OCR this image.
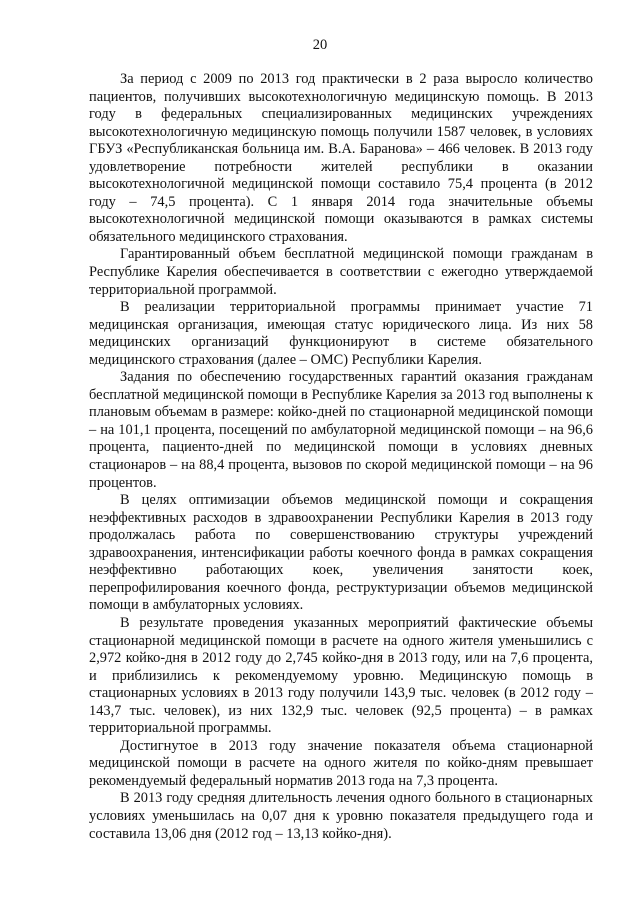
20

За период с 2009 по 2013 год практически в 2 раза выросло количество пациентов, получивших высокотехнологичную медицинскую помощь. В 2013 году в федеральных специализированных медицинских учреждениях высокотехнологичную медицинскую помощь получили 1587 человек, в условиях ГБУЗ «Республиканская больница им. В.А. Баранова» – 466 человек. В 2013 году удовлетворение потребности жителей республики в оказании высокотехнологичной медицинской помощи составило 75,4 процента (в 2012 году – 74,5 процента). С 1 января 2014 года значительные объемы высокотехнологичной медицинской помощи оказываются в рамках системы обязательного медицинского страхования.

Гарантированный объем бесплатной медицинской помощи гражданам в Республике Карелия обеспечивается в соответствии с ежегодно утверждаемой территориальной программой.

В реализации территориальной программы принимает участие 71 медицинская организация, имеющая статус юридического лица. Из них 58 медицинских организаций функционируют в системе обязательного медицинского страхования (далее – ОМС) Республики Карелия.

Задания по обеспечению государственных гарантий оказания гражданам бесплатной медицинской помощи в Республике Карелия за 2013 год выполнены к плановым объемам в размере: койко-дней по стационарной медицинской помощи – на 101,1 процента, посещений по амбулаторной медицинской помощи – на 96,6 процента, пациенто-дней по медицинской помощи в условиях дневных стационаров – на 88,4 процента, вызовов по скорой медицинской помощи – на 96 процентов.

В целях оптимизации объемов медицинской помощи и сокращения неэффективных расходов в здравоохранении Республики Карелия в 2013 году продолжалась работа по совершенствованию структуры учреждений здравоохранения, интенсификации работы коечного фонда в рамках сокращения неэффективно работающих коек, увеличения занятости коек, перепрофилирования коечного фонда, реструктуризации объемов медицинской помощи в амбулаторных условиях.

В результате проведения указанных мероприятий фактические объемы стационарной медицинской помощи в расчете на одного жителя уменьшились с 2,972 койко-дня в 2012 году до 2,745 койко-дня в 2013 году, или на 7,6 процента, и приблизились к рекомендуемому уровню. Медицинскую помощь в стационарных условиях в 2013 году получили 143,9 тыс. человек (в 2012 году – 143,7 тыс. человек), из них 132,9 тыс. человек (92,5 процента) – в рамках территориальной программы.

Достигнутое в 2013 году значение показателя объема стационарной медицинской помощи в расчете на одного жителя по койко-дням превышает рекомендуемый федеральный норматив 2013 года на 7,3 процента.

В 2013 году средняя длительность лечения одного больного в стационарных условиях уменьшилась на 0,07 дня к уровню показателя предыдущего года и составила 13,06 дня (2012 год – 13,13 койко-дня).
